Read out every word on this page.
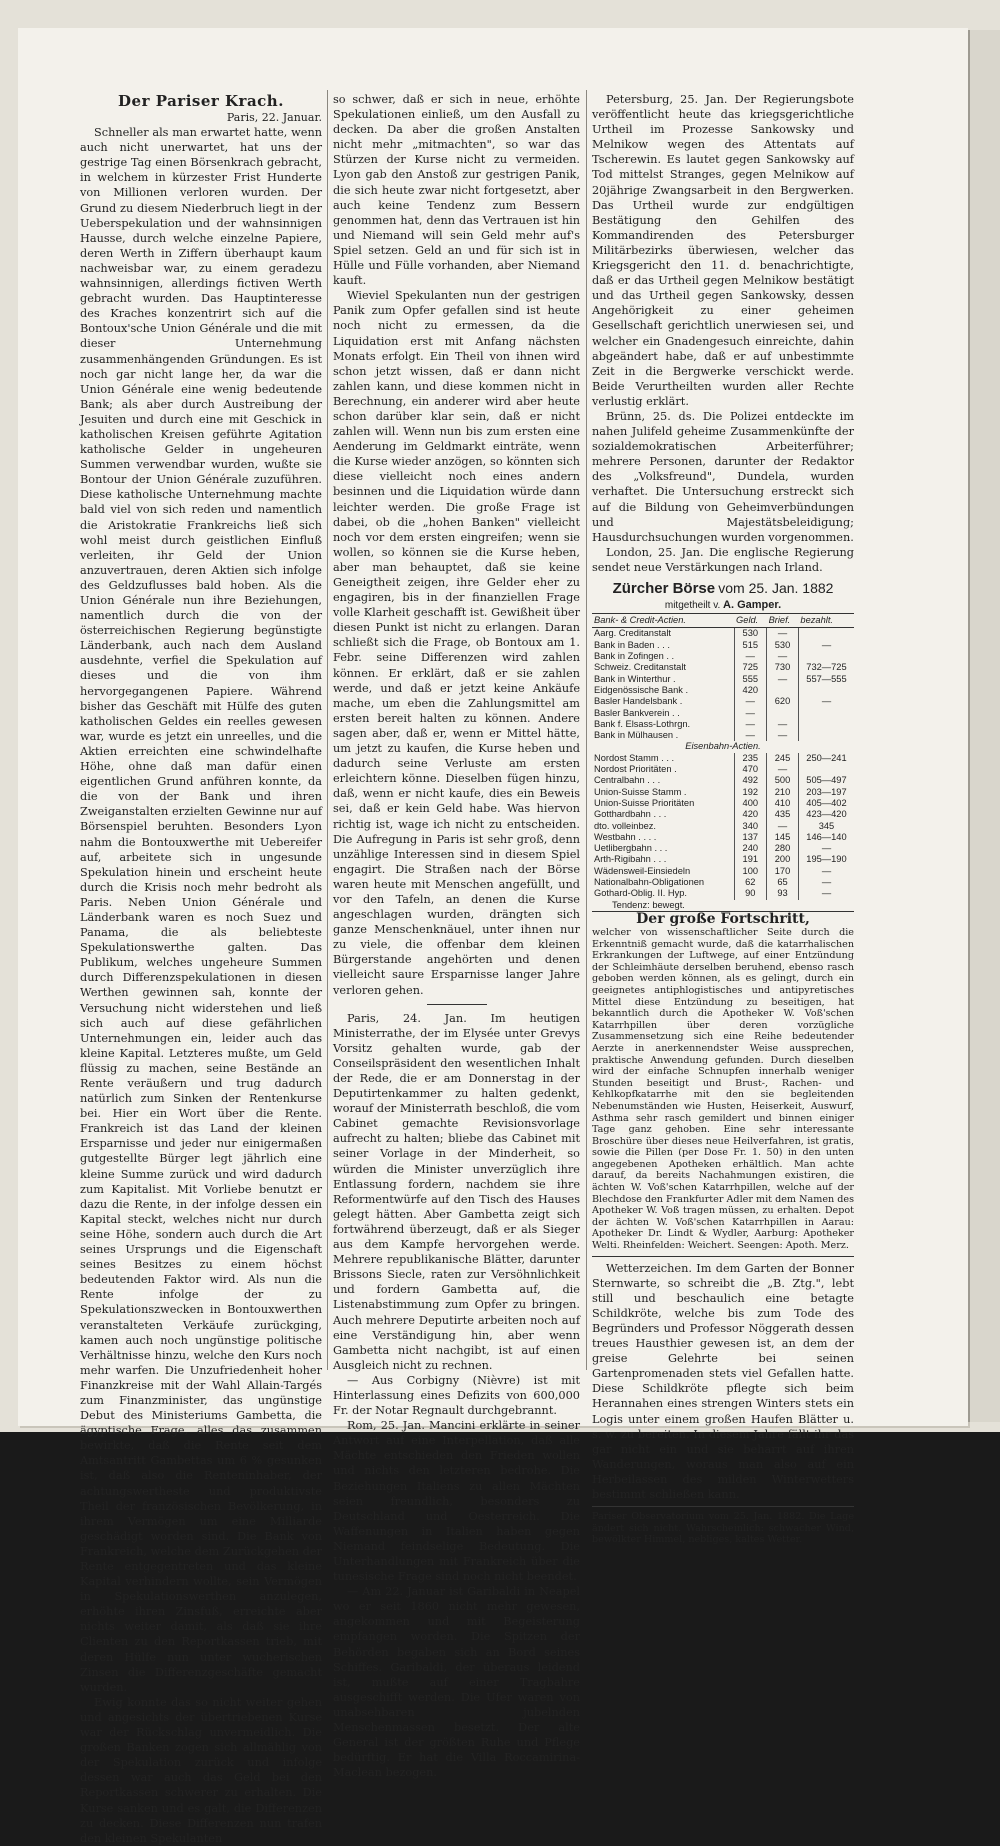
Der Pariser Krach.

Paris, 22. Januar.

Schneller als man erwartet hatte, wenn auch nicht unerwartet, hat uns der gestrige Tag einen Börsenkrach gebracht, in welchem in kürzester Frist Hunderte von Millionen verloren wurden. Der Grund zu diesem Niederbruch liegt in der Ueberspekulation und der wahnsinnigen Hausse, durch welche einzelne Papiere, deren Werth in Ziffern überhaupt kaum nachweisbar war, zu einem geradezu wahnsinnigen, allerdings fictiven Werth gebracht wurden. Das Hauptinteresse des Kraches konzentrirt sich auf die Bontoux'sche Union Générale und die mit dieser Unternehmung zusammenhängenden Gründungen. Es ist noch gar nicht lange her, da war die Union Générale eine wenig bedeutende Bank; als aber durch Austreibung der Jesuiten und durch eine mit Geschick in katholischen Kreisen geführte Agitation katholische Gelder in ungeheuren Summen verwendbar wurden, wußte sie Bontour der Union Générale zuzuführen. Diese katholische Unternehmung machte bald viel von sich reden und namentlich die Aristokratie Frankreichs ließ sich wohl meist durch geistlichen Einfluß verleiten, ihr Geld der Union anzuvertrauen, deren Aktien sich infolge des Geldzuflusses bald hoben. Als die Union Générale nun ihre Beziehungen, namentlich durch die von der österreichischen Regierung begünstigte Länderbank, auch nach dem Ausland ausdehnte, verfiel die Spekulation auf dieses und die von ihm hervorgegangenen Papiere. Während bisher das Geschäft mit Hülfe des guten katholischen Geldes ein reelles gewesen war, wurde es jetzt ein unreelles, und die Aktien erreichten eine schwindelhafte Höhe, ohne daß man dafür einen eigentlichen Grund anführen konnte, da die von der Bank und ihren Zweiganstalten erzielten Gewinne nur auf Börsenspiel beruhten. Besonders Lyon nahm die Bontouxwerthe mit Uebereifer auf, arbeitete sich in ungesunde Spekulation hinein und erscheint heute durch die Krisis noch mehr bedroht als Paris. Neben Union Générale und Länderbank waren es noch Suez und Panama, die als beliebteste Spekulationswerthe galten. Das Publikum, welches ungeheure Summen durch Differenzspekulationen in diesen Werthen gewinnen sah, konnte der Versuchung nicht widerstehen und ließ sich auch auf diese gefährlichen Unternehmungen ein, leider auch das kleine Kapital. Letzteres mußte, um Geld flüssig zu machen, seine Bestände an Rente veräußern und trug dadurch natürlich zum Sinken der Rentenkurse bei. Hier ein Wort über die Rente. Frankreich ist das Land der kleinen Ersparnisse und jeder nur einigermaßen gutgestellte Bürger legt jährlich eine kleine Summe zurück und wird dadurch zum Kapitalist. Mit Vorliebe benutzt er dazu die Rente, in der infolge dessen ein Kapital steckt, welches nicht nur durch seine Höhe, sondern auch durch die Art seines Ursprungs und die Eigenschaft seines Besitzes zu einem höchst bedeutenden Faktor wird. Als nun die Rente infolge der zu Spekulationszwecken in Bontouxwerthen veranstalteten Verkäufe zurückging, kamen auch noch ungünstige politische Verhältnisse hinzu, welche den Kurs noch mehr warfen. Die Unzufriedenheit hoher Finanzkreise mit der Wahl Allain-Targés zum Finanzminister, das ungünstige Debut des Ministeriums Gambetta, die ägyptische Frage, alles das zusammen bewirkte, daß die Rente seit dem Amtsantritt Gambettas um 6 % gesunken ist, daß also die Renteninhaber, der achtungswertheste und produktivste Theil der französischen Bevölkerung, in ihrem Vermögen um eine Milliarde geschädigt worden sind. Die Bank von Frankreich, welche dem Zurückgehen der Rente entgegentreten und das kleine Kapital verhindern wollte, sein Vermögen in Spekulationswerthen anzulegen, erhöhte ihren Zinsfuß, erreichte aber nichts weiter damit, als daß sie ihre Clienten zu den Reportkassen trieb, mit deren Hülfe nun unter wucherischen Zinsen die Differenzgeschäfte gemacht wurden.

Ewig konnte das so nicht weiter gehen und angesichts der übertriebenen Kurse war der Rückschlag unvermeidlich. Die großen Banken zogen sich allmählig von der Spekulation zurück und infolge dessen war auch das Geld bei den Reportkassen schwerer zu erhalten. Die Kurse sanken und es galt, die Differenzen zu decken. Diese Differenzen nun trafen den kleinen Spekulanten

so schwer, daß er sich in neue, erhöhte Spekulationen einließ, um den Ausfall zu decken. Da aber die großen Anstalten nicht mehr „mitmachten", so war das Stürzen der Kurse nicht zu vermeiden. Lyon gab den Anstoß zur gestrigen Panik, die sich heute zwar nicht fortgesetzt, aber auch keine Tendenz zum Bessern genommen hat, denn das Vertrauen ist hin und Niemand will sein Geld mehr auf's Spiel setzen. Geld an und für sich ist in Hülle und Fülle vorhanden, aber Niemand kauft.

Wieviel Spekulanten nun der gestrigen Panik zum Opfer gefallen sind ist heute noch nicht zu ermessen, da die Liquidation erst mit Anfang nächsten Monats erfolgt. Ein Theil von ihnen wird schon jetzt wissen, daß er dann nicht zahlen kann, und diese kommen nicht in Berechnung, ein anderer wird aber heute schon darüber klar sein, daß er nicht zahlen will. Wenn nun bis zum ersten eine Aenderung im Geldmarkt einträte, wenn die Kurse wieder anzögen, so könnten sich diese vielleicht noch eines andern besinnen und die Liquidation würde dann leichter werden. Die große Frage ist dabei, ob die „hohen Banken" vielleicht noch vor dem ersten eingreifen; wenn sie wollen, so können sie die Kurse heben, aber man behauptet, daß sie keine Geneigtheit zeigen, ihre Gelder eher zu engagiren, bis in der finanziellen Frage volle Klarheit geschafft ist. Gewißheit über diesen Punkt ist nicht zu erlangen. Daran schließt sich die Frage, ob Bontoux am 1. Febr. seine Differenzen wird zahlen können. Er erklärt, daß er sie zahlen werde, und daß er jetzt keine Ankäufe mache, um eben die Zahlungsmittel am ersten bereit halten zu können. Andere sagen aber, daß er, wenn er Mittel hätte, um jetzt zu kaufen, die Kurse heben und dadurch seine Verluste am ersten erleichtern könne. Dieselben fügen hinzu, daß, wenn er nicht kaufe, dies ein Beweis sei, daß er kein Geld habe. Was hiervon richtig ist, wage ich nicht zu entscheiden. Die Aufregung in Paris ist sehr groß, denn unzählige Interessen sind in diesem Spiel engagirt. Die Straßen nach der Börse waren heute mit Menschen angefüllt, und vor den Tafeln, an denen die Kurse angeschlagen wurden, drängten sich ganze Menschenknäuel, unter ihnen nur zu viele, die offenbar dem kleinen Bürgerstande angehörten und denen vielleicht saure Ersparnisse langer Jahre verloren gehen.

Paris, 24. Jan. Im heutigen Ministerrathe, der im Elysée unter Grevys Vorsitz gehalten wurde, gab der Conseilspräsident den wesentlichen Inhalt der Rede, die er am Donnerstag in der Deputirtenkammer zu halten gedenkt, worauf der Ministerrath beschloß, die vom Cabinet gemachte Revisionsvorlage aufrecht zu halten; bliebe das Cabinet mit seiner Vorlage in der Minderheit, so würden die Minister unverzüglich ihre Entlassung fordern, nachdem sie ihre Reformentwürfe auf den Tisch des Hauses gelegt hätten. Aber Gambetta zeigt sich fortwährend überzeugt, daß er als Sieger aus dem Kampfe hervorgehen werde. Mehrere republikanische Blätter, darunter Brissons Siecle, raten zur Versöhnlichkeit und fordern Gambetta auf, die Listenabstimmung zum Opfer zu bringen. Auch mehrere Deputirte arbeiten noch auf eine Verständigung hin, aber wenn Gambetta nicht nachgibt, ist auf einen Ausgleich nicht zu rechnen.

— Aus Corbigny (Nièvre) ist mit Hinterlassung eines Defizits von 600,000 Fr. der Notar Regnault durchgebrannt.

Rom, 25. Jan. Mancini erklärte in seiner Antwort auf eine Interpellation, daß alle Mächte entschieden den Frieden wollen und nichts den letzteren bedrohe. Die Beziehungen Italiens zu allen Mächten seien freundlich, besonders zu Deutschland und Oesterreich. Die Waffenungen in Italien haben gegen Niemand feindselige Bedeutung. Die Unterhandlungen mit Frankreich über die tunesische Frage sind noch nicht beendet.

— Am 22. Januar ist Garibaldi in Neapel wo er seit 1860 nicht mehr gewesen, angekommen und mit Begeisterung empfangen worden. Die Spitzen der Behörden begaben sich an Bord seines Schiffes. Garibaldi, der überaus leidend ist, mußte auf einer Tragbahre ausgeschifft werden. Die Ufer waren von unabsehbaren jubelnden Menschenmassen besetzt. Der alte General ist der größten Ruhe und Pflege bedürftig. Er hat die Villa Roccamirina-Maclean bezogen.

Petersburg, 25. Jan. Der Regierungsbote veröffentlicht heute das kriegsgerichtliche Urtheil im Prozesse Sankowsky und Melnikow wegen des Attentats auf Tscherewin. Es lautet gegen Sankowsky auf Tod mittelst Stranges, gegen Melnikow auf 20jährige Zwangsarbeit in den Bergwerken. Das Urtheil wurde zur endgültigen Bestätigung den Gehilfen des Kommandirenden des Petersburger Militärbezirks überwiesen, welcher das Kriegsgericht den 11. d. benachrichtigte, daß er das Urtheil gegen Melnikow bestätigt und das Urtheil gegen Sankowsky, dessen Angehörigkeit zu einer geheimen Gesellschaft gerichtlich unerwiesen sei, und welcher ein Gnadengesuch einreichte, dahin abgeändert habe, daß er auf unbestimmte Zeit in die Bergwerke verschickt werde. Beide Verurtheilten wurden aller Rechte verlustig erklärt.

Brünn, 25. ds. Die Polizei entdeckte im nahen Julifeld geheime Zusammenkünfte der sozialdemokratischen Arbeiterführer; mehrere Personen, darunter der Redaktor des „Volksfreund", Dundela, wurden verhaftet. Die Untersuchung erstreckt sich auf die Bildung von Geheimverbündungen und Majestätsbeleidigung; Hausdurchsuchungen wurden vorgenommen.

London, 25. Jan. Die englische Regierung sendet neue Verstärkungen nach Irland.

Zürcher Börse vom 25. Jan. 1882
mitgetheilt v. A. Gamper.
Bank- & Credit-Actien.	Geld.	Brief.	bezahlt.
Aarg. Creditanstalt	530	—	
Bank in Baden . . .	515	530	—
Bank in Zofingen . .	—	—	
Schweiz. Creditanstalt	725	730	732—725
Bank in Winterthur .	555	—	557—555
Eidgenössische Bank .	420		
Basler Handelsbank .	—	620	—
Basler Bankverein . .	—		
Bank f. Elsass-Lothrgn.	—	—	
Bank in Mülhausen .	—	—	
Eisenbahn-Actien.			
Nordost Stamm . . .	235	245	250—241
Nordost Prioritäten .	470	—	
Centralbahn . . .	492	500	505—497
Union-Suisse Stamm .	192	210	203—197
Union-Suisse Prioritäten	400	410	405—402
Gotthardbahn . . .	420	435	423—420
dto. volleinbez.	340	—	345
Westbahn . . . .	137	145	146—140
Uetlibergbahn . . .	240	280	—
Arth-Rigibahn . . .	191	200	195—190
Wädensweil-Einsiedeln	100	170	—
Nationalbahn-Obligationen	62	65	—
Gothard-Oblig. II. Hyp.	90	93	—
Tendenz: bewegt.			

Der große Fortschritt,

welcher von wissenschaftlicher Seite durch die Erkenntniß gemacht wurde, daß die katarrhalischen Erkrankungen der Luftwege, auf einer Entzündung der Schleimhäute derselben beruhend, ebenso rasch geboben werden können, als es gelingt, durch ein geeignetes antiphlogistisches und antipyretisches Mittel diese Entzündung zu beseitigen, hat bekanntlich durch die Apotheker W. Voß'schen Katarrhpillen über deren vorzügliche Zusammensetzung sich eine Reihe bedeutender Aerzte in anerkennendster Weise aussprechen, praktische Anwendung gefunden. Durch dieselben wird der einfache Schnupfen innerhalb weniger Stunden beseitigt und Brust-, Rachen- und Kehlkopfkatarrhe mit den sie begleitenden Nebenumständen wie Husten, Heiserkeit, Auswurf, Asthma sehr rasch gemildert und binnen einiger Tage ganz gehoben. Eine sehr interessante Broschüre über dieses neue Heilverfahren, ist gratis, sowie die Pillen (per Dose Fr. 1. 50) in den unten angegebenen Apotheken erhältlich. Man achte darauf, da bereits Nachahmungen existiren, die ächten W. Voß'schen Katarrhpillen, welche auf der Blechdose den Frankfurter Adler mit dem Namen des Apotheker W. Voß tragen müssen, zu erhalten. Depot der ächten W. Voß'schen Katarrhpillen in Aarau: Apotheker Dr. Lindt & Wydler, Aarburg: Apotheker Welti. Rheinfelden: Weichert. Seengen: Apoth. Merz.

Wetterzeichen. Im dem Garten der Bonner Sternwarte, so schreibt die „B. Ztg.", lebt still und beschaulich eine betagte Schildkröte, welche bis zum Tode des Begründers und Professor Nöggerath dessen treues Hausthier gewesen ist, an dem der greise Gelehrte bei seinen Gartenpromenaden stets viel Gefallen hatte. Diese Schildkröte pflegte sich beim Herannahen eines strengen Winters stets ein Logis unter einem großen Haufen Blätter u. s. w. zu bereiten. In diesem Jahre fällt ihr das gar nicht ein und sie beharrt auf ihren Wanderungen, woraus man also auf ein Herbeilassen des milden Winterwetters bestimmt schließen kann.

Pariser Observatorium vom 25. Jan. 1882. Die Lage ändert sich nicht. Wahrscheinlich: schwacher Wind, bewölkter Himmel, nebliges, kaltes Wetter.
